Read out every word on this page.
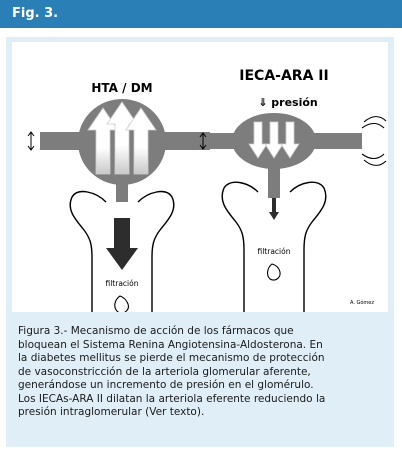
Fig. 3.
HTA / DM
filtración
IECA-ARA II
⇓ presión
filtración
A. Gómez
Figura 3.- Mecanismo de acción de los fármacos que
bloquean el Sistema Renina Angiotensina-Aldosterona. En
la diabetes mellitus se pierde el mecanismo de protección
de vasoconstricción de la arteriola glomerular aferente,
generándose un incremento de presión en el glomérulo.
Los IECAs-ARA II dilatan la arteriola eferente reduciendo la
presión intraglomerular (Ver texto).
